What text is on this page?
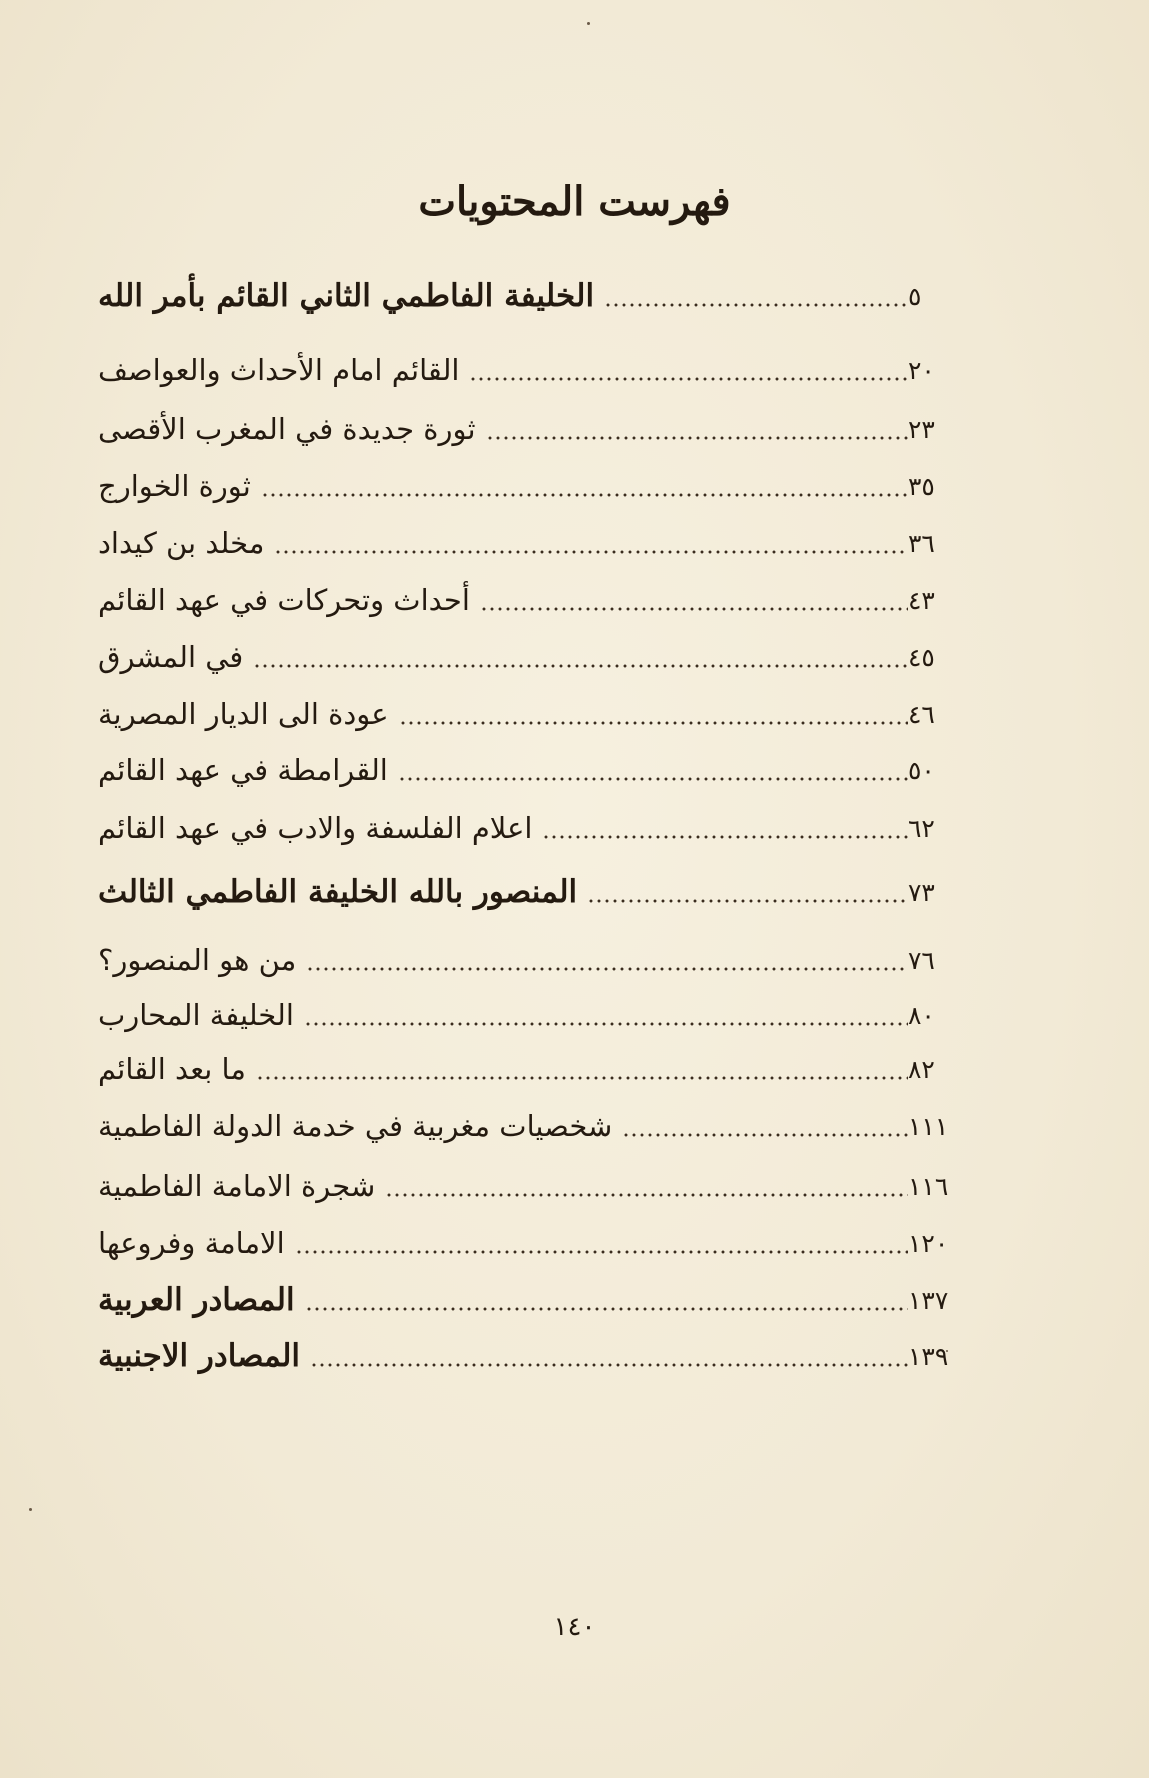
فهرست المحتويات
الخليفة الفاطمي الثاني القائم بأمر الله	٥
القائم امام الأحداث والعواصف	٢٠
ثورة جديدة في المغرب الأقصى	٢٣
ثورة الخوارج	٣٥
مخلد بن كيداد	٣٦
أحداث وتحركات في عهد القائم	٤٣
في المشرق	٤٥
عودة الى الديار المصرية	٤٦
القرامطة في عهد القائم	٥٠
اعلام الفلسفة والادب في عهد القائم	٦٢
المنصور بالله الخليفة الفاطمي الثالث	٧٣
من هو المنصور؟	٧٦
الخليفة المحارب	٨٠
ما بعد القائم	٨٢
شخصيات مغربية في خدمة الدولة الفاطمية	١١١
شجرة الامامة الفاطمية	١١٦
الامامة وفروعها	١٢٠
المصادر العربية	١٣٧
المصادر الاجنبية	١٣٩
١٤٠
